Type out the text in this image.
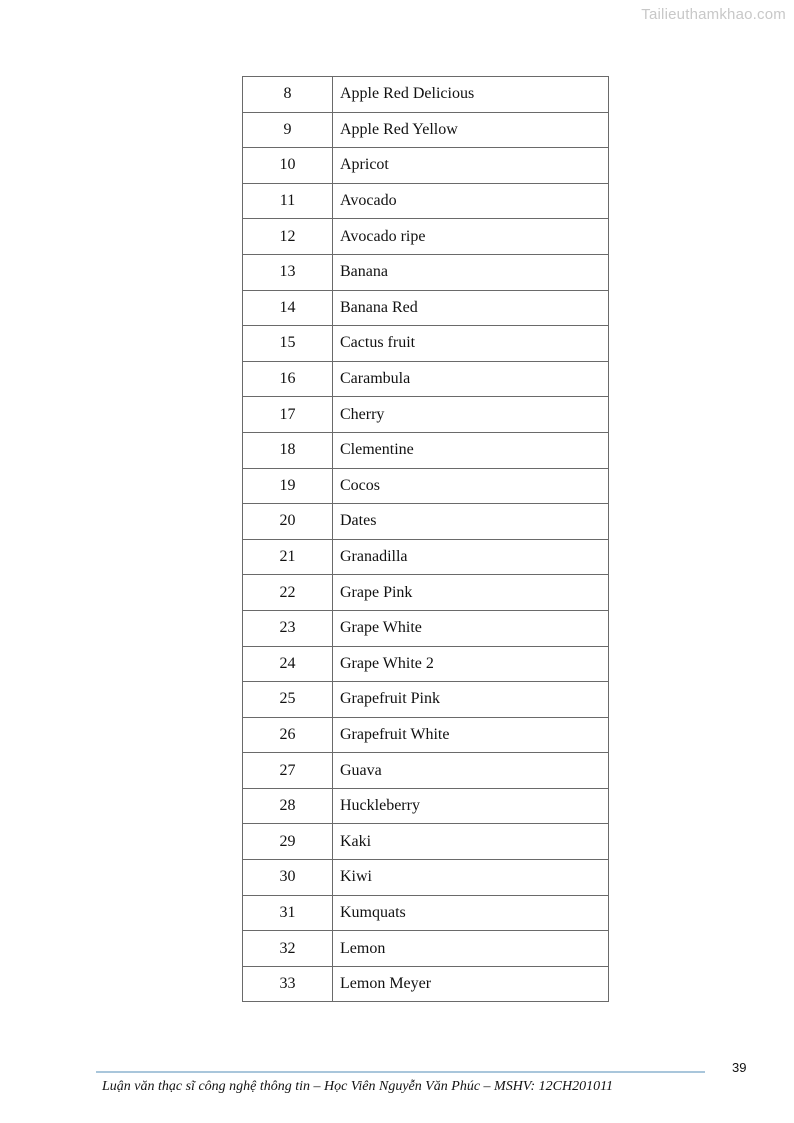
Tailieuthamkhao.com
8	Apple Red Delicious
9	Apple Red Yellow
10	Apricot
11	Avocado
12	Avocado ripe
13	Banana
14	Banana Red
15	Cactus fruit
16	Carambula
17	Cherry
18	Clementine
19	Cocos
20	Dates
21	Granadilla
22	Grape Pink
23	Grape White
24	Grape White 2
25	Grapefruit Pink
26	Grapefruit White
27	Guava
28	Huckleberry
29	Kaki
30	Kiwi
31	Kumquats
32	Lemon
33	Lemon Meyer
39
Luận văn thạc sĩ công nghệ thông tin – Học Viên Nguyễn Văn Phúc – MSHV: 12CH201011
